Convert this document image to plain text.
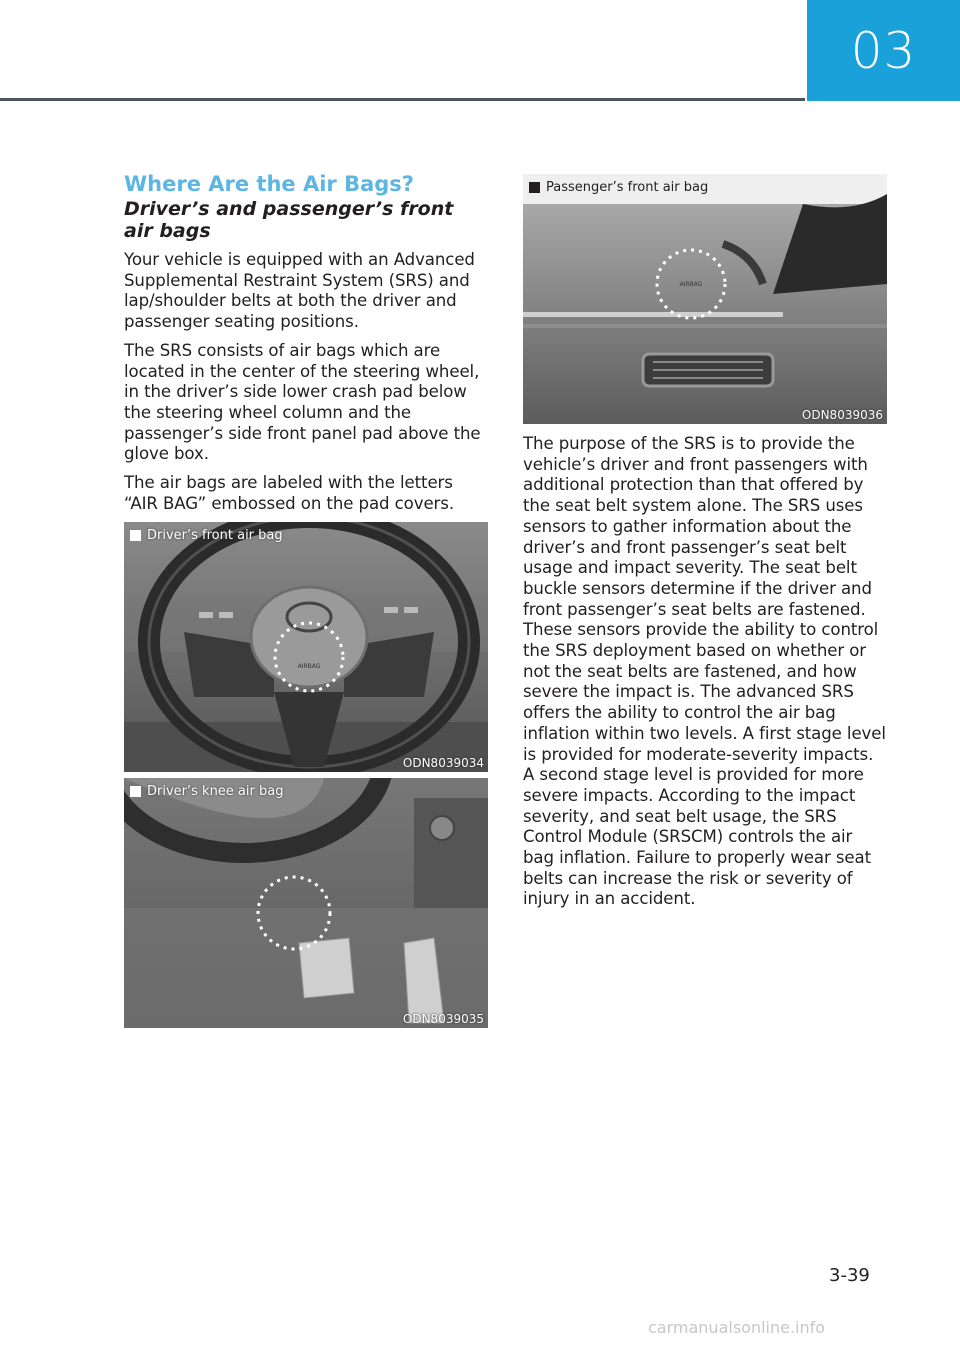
03
Where Are the Air Bags?
Driver’s and passenger’s front air bags

Your vehicle is equipped with an Advanced Supplemental Restraint System (SRS) and lap/shoulder belts at both the driver and passenger seating positions.

The SRS consists of air bags which are located in the center of the steering wheel, in the driver’s side lower crash pad below the steering wheel column and the passenger’s side front panel pad above the glove box.

The air bags are labeled with the letters “AIR BAG” embossed on the pad covers.

AIRBAG
Driver’s front air bag
ODN8039034
Driver’s knee air bag
ODN8039035
AIRBAG
Passenger’s front air bag
ODN8039036

The purpose of the SRS is to provide the vehicle’s driver and front passengers with additional protection than that offered by the seat belt system alone. The SRS uses sensors to gather information about the driver’s and front passenger’s seat belt usage and impact severity. The seat belt buckle sensors determine if the driver and front passenger’s seat belts are fastened. These sensors provide the ability to control the SRS deployment based on whether or not the seat belts are fastened, and how severe the impact is. The advanced SRS offers the ability to control the air bag inflation within two levels. A first stage level is provided for moderate-severity impacts. A second stage level is provided for more severe impacts. According to the impact severity, and seat belt usage, the SRS Control Module (SRSCM) controls the air bag inflation. Failure to properly wear seat belts can increase the risk or severity of injury in an accident.

3-39
carmanualsonline.info
